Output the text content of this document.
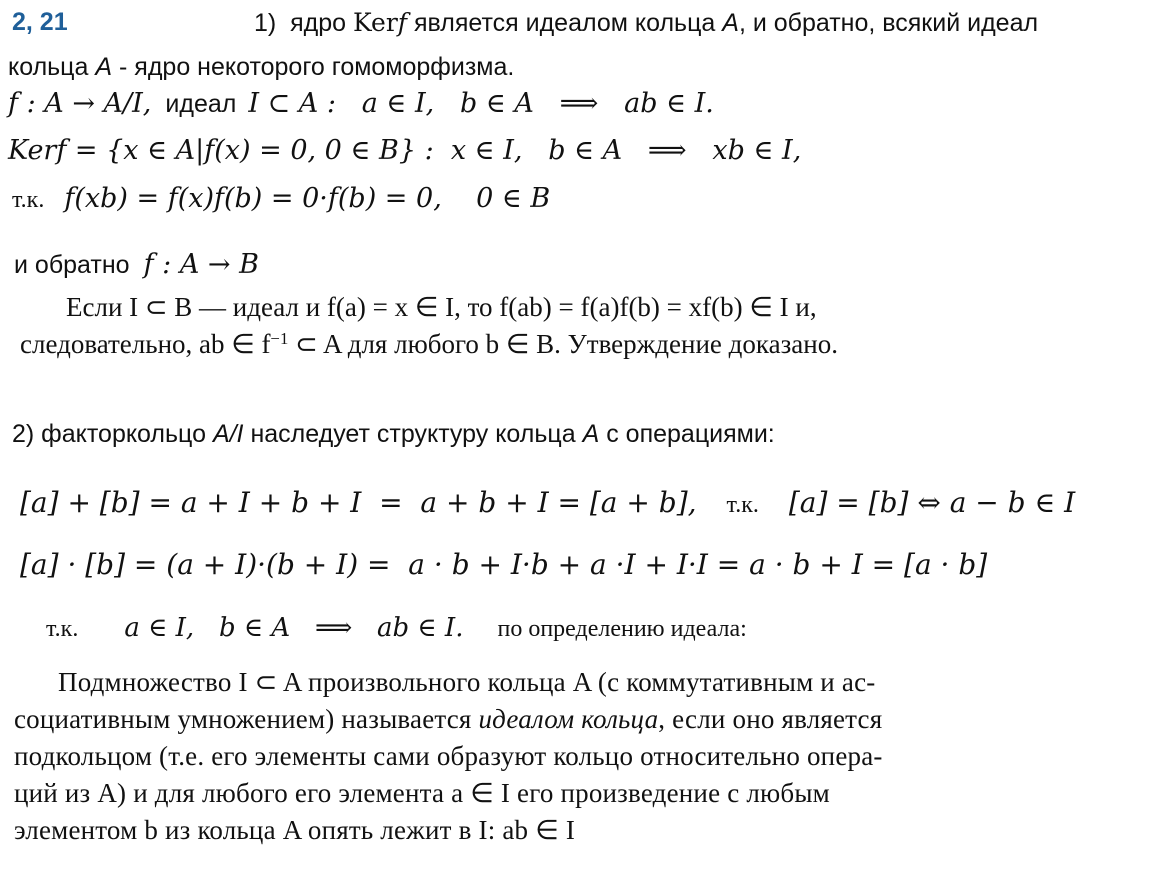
2, 21	1) ядро Kerf является идеалом кольца A, и обратно, всякий идеал
кольца A - ядро некоторого гомоморфизма.
f : A → A/I, идеал I ⊂ A :   a ∈ I,   b ∈ A   ⟹   ab ∈ I.
Kerf = {x ∈ A|f(x) = 0, 0 ∈ B} :  x ∈ I,   b ∈ A   ⟹   xb ∈ I,
т.к. f(xb) = f(x)f(b) = 0·f(b) = 0,    0 ∈ B
и обратно f : A → B
Если I ⊂ B — идеал и f(a) = x ∈ I, то f(ab) = f(a)f(b) = xf(b) ∈ I и,
следовательно, ab ∈ $f^{-1}$ ⊂ A для любого b ∈ B. Утверждение доказано.
2) факторкольцо A/I наследует структуру кольца A с операциями:
[a] + [b] = a + I + b + I  =  a + b + I = [a + b], т.к. [a] = [b] ⇔ a − b ∈ I
[a] · [b] = (a + I)·(b + I) =  a · b + I·b + a ·I + I·I = a · b + I = [a · b]
т.к. a ∈ I,   b ∈ A   ⟹   ab ∈ I. по определению идеала:
Подмножество I ⊂ A произвольного кольца A (с коммутативным и ас-
социативным умножением) называется идеалом кольца, если оно является
подкольцом (т.е. его элементы сами образуют кольцо относительно опера-
ций из A) и для любого его элемента a ∈ I его произведение с любым
элементом b из кольца A опять лежит в I: ab ∈ I
